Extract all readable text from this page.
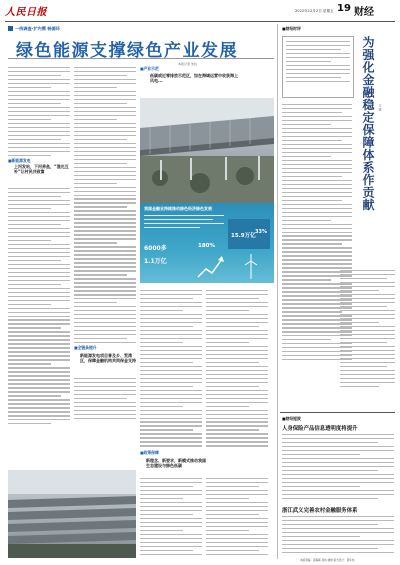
人民日报	2022年12月2日 星期五 19 财经
一线调查·扩内需 畅循环
绿色能源支撑绿色产业发展
本报记者 朱拉
我国金融业持续推动绿色经济绿色发展
6000多
1.1万亿
180%
15.9万亿
33%
■产业示范
低碳或近零排放示范区，如在海域运营中收获海上风电...
■新能源发电
上河发站，下河养鱼，“渔光互补”让村民共致富
■全链条提升
新能源发电项目普及乡、荒湾区，保障金融机构共同保金支持
■政策保障
新理念、新要求，新模式推动我国生态建设与绿色低碳
■财经时评
为强化金融稳定保障体系作贡献	王 锋
■财经短波
人身保险产品信息透明度将提升
浙江武义完善农村金融服务体系
本版责编：邱海峰 孙伟 姚仲 版式设计：蔡华伟
